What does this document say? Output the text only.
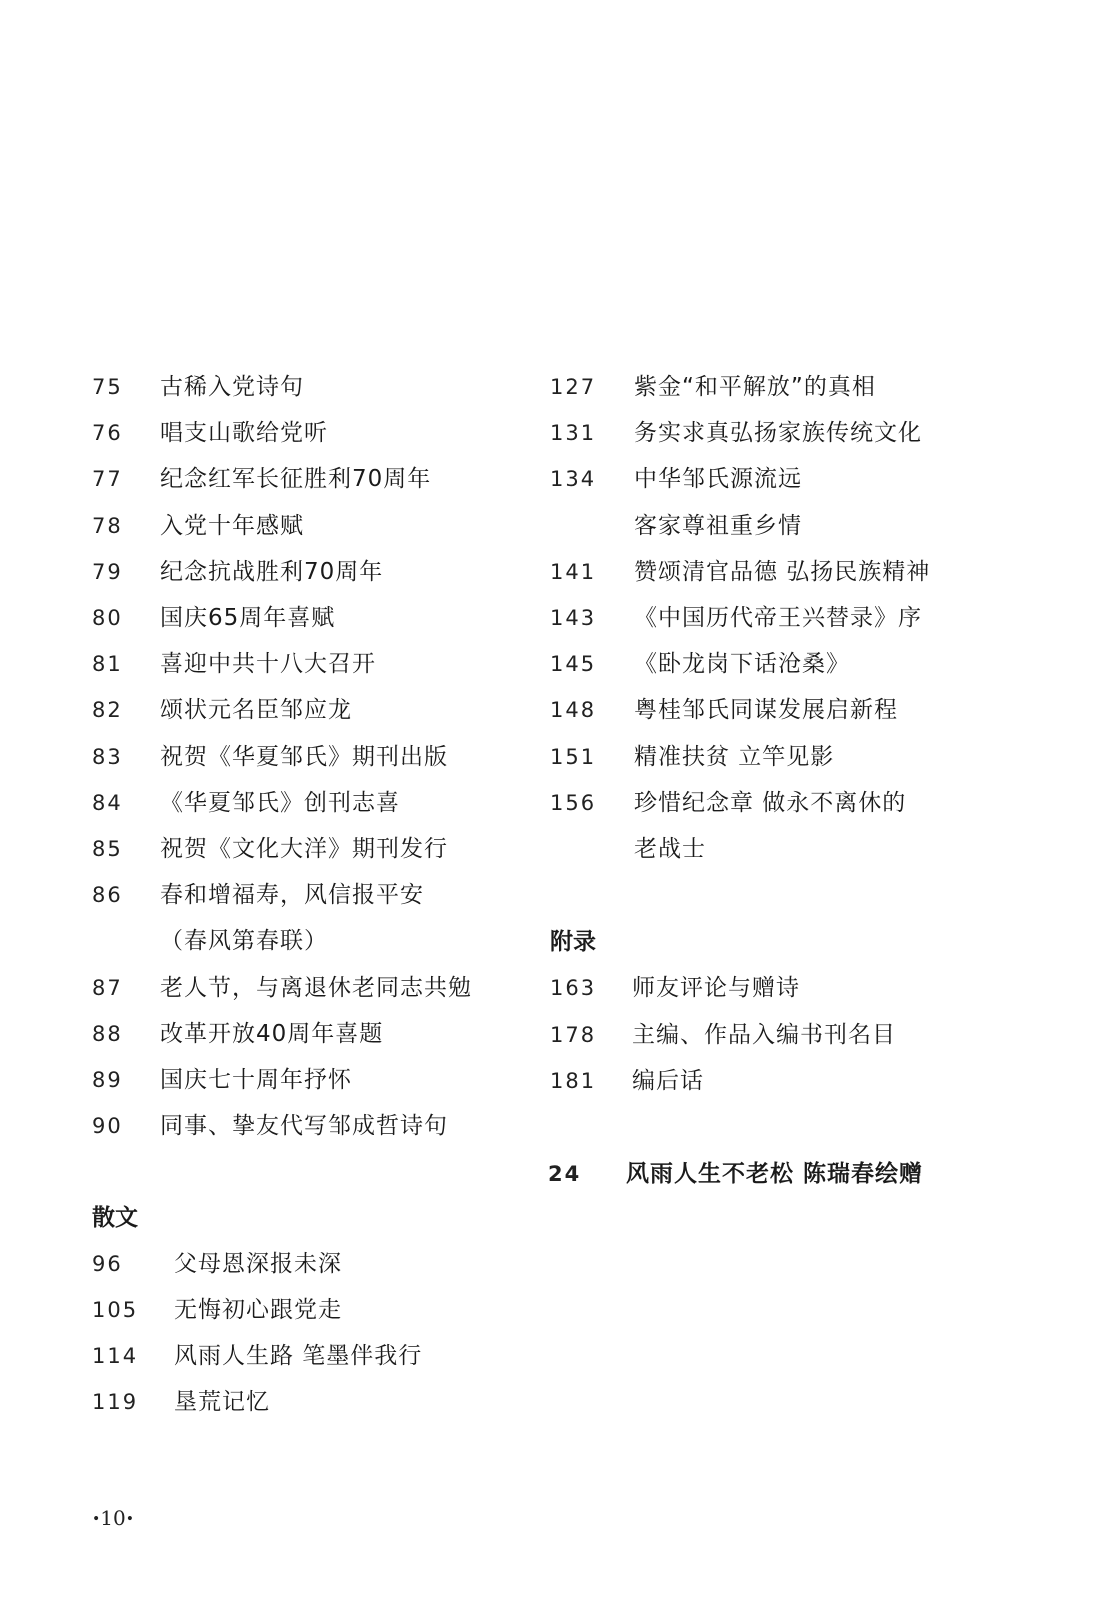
75 古稀入党诗句
76 唱支山歌给党听
77 纪念红军长征胜利70周年
78 入党十年感赋
79 纪念抗战胜利70周年
80 国庆65周年喜赋
81 喜迎中共十八大召开
82 颂状元名臣邹应龙
83 祝贺《华夏邹氏》期刊出版
84 《华夏邹氏》创刊志喜
85 祝贺《文化大洋》期刊发行
86 春和增福寿，风信报平安
（春风第春联）
87 老人节，与离退休老同志共勉
88 改革开放40周年喜题
89 国庆七十周年抒怀
90 同事、挚友代写邹成哲诗句
散文
96 父母恩深报未深
105 无悔初心跟党走
114 风雨人生路 笔墨伴我行
119 垦荒记忆
127 紫金“和平解放”的真相
131 务实求真弘扬家族传统文化
134 中华邹氏源流远
客家尊祖重乡情
141 赞颂清官品德 弘扬民族精神
143 《中国历代帝王兴替录》序
145 《卧龙岗下话沧桑》
148 粤桂邹氏同谋发展启新程
151 精准扶贫 立竿见影
156 珍惜纪念章 做永不离休的
老战士
附录
163 师友评论与赠诗
178 主编、作品入编书刊名目
181 编后话
24 风雨人生不老松 陈瑞春绘赠
•10•
